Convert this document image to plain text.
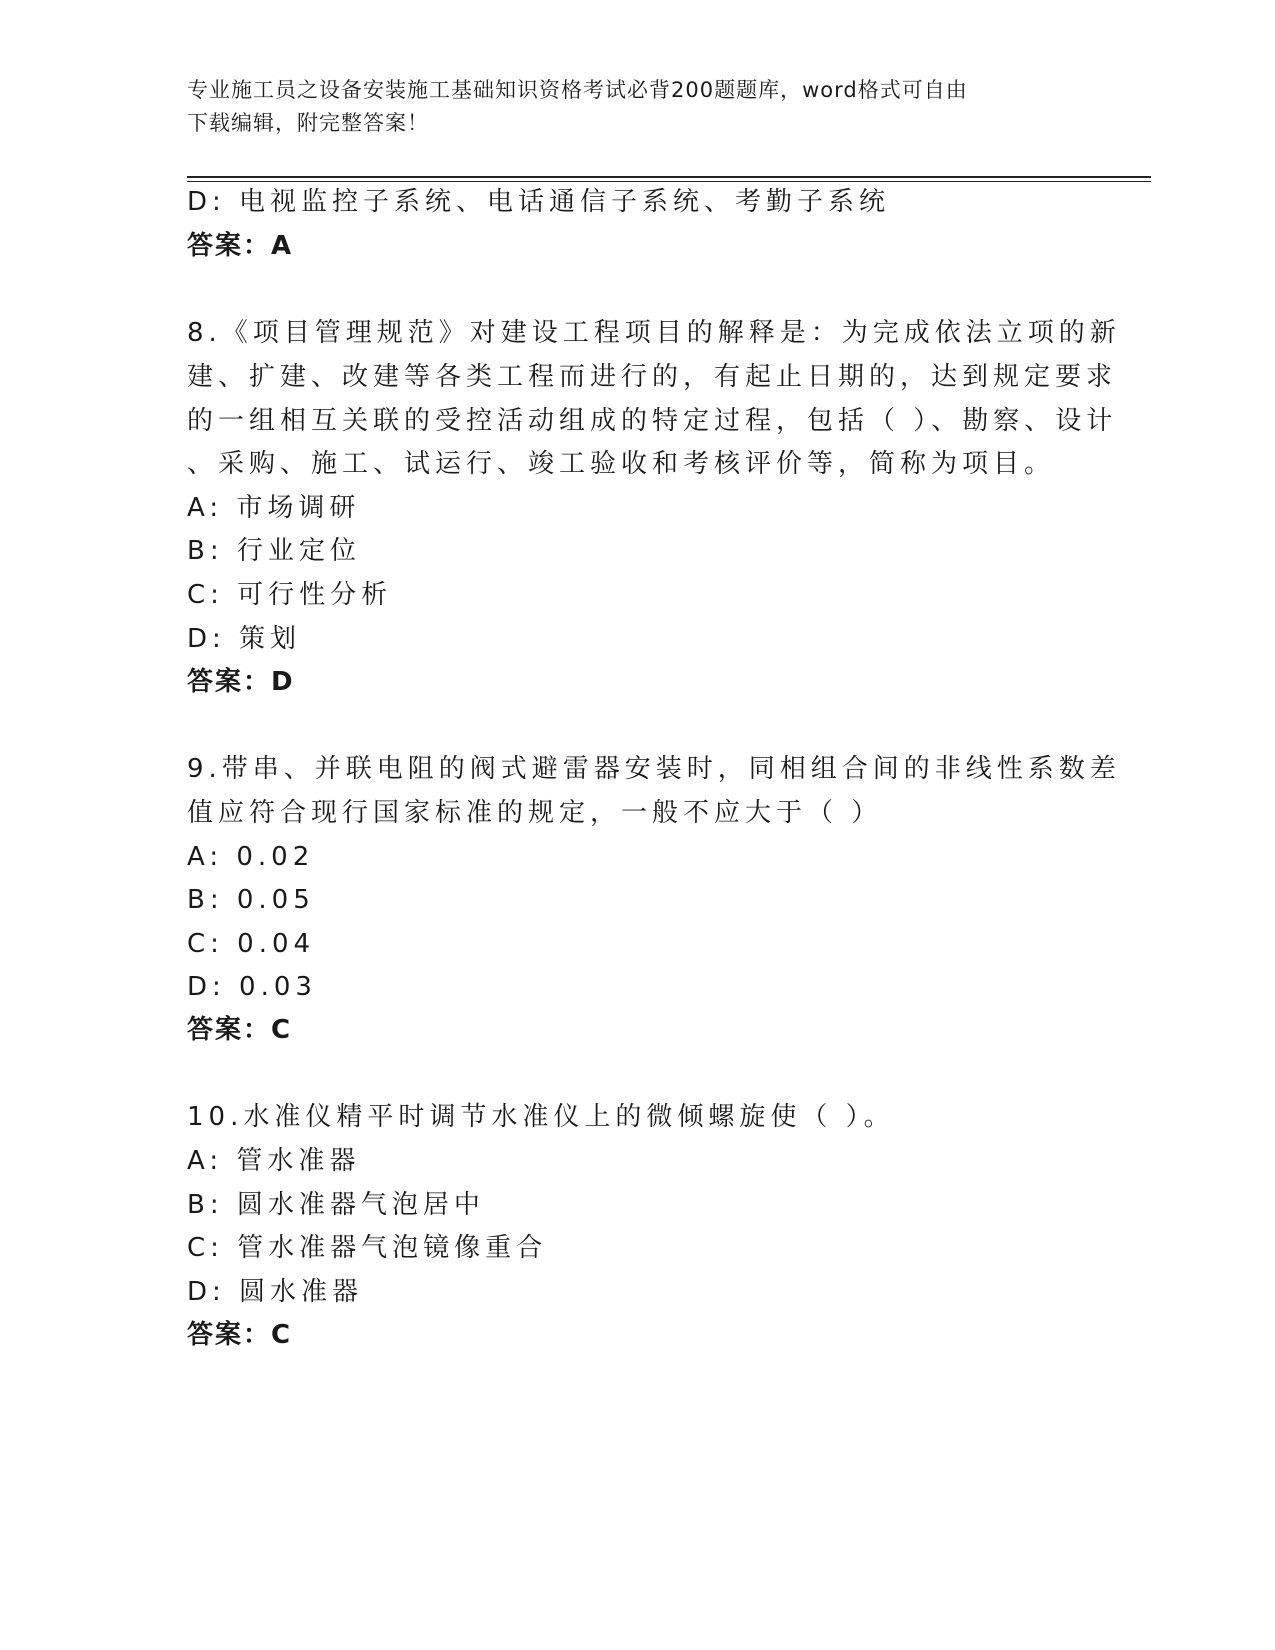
专业施工员之设备安装施工基础知识资格考试必背200题题库，word格式可自由
下载编辑，附完整答案！
D: 电视监控子系统、电话通信子系统、考勤子系统
答案：A
8.《项目管理规范》对建设工程项目的解释是：为完成依法立项的新
建、扩建、改建等各类工程而进行的，有起止日期的，达到规定要求
的一组相互关联的受控活动组成的特定过程，包括（ ）、勘察、设计
、采购、施工、试运行、竣工验收和考核评价等，简称为项目。
A: 市场调研
B: 行业定位
C: 可行性分析
D: 策划
答案：D
9.带串、并联电阻的阀式避雷器安装时，同相组合间的非线性系数差
值应符合现行国家标准的规定，一般不应大于（ ）
A: 0.02
B: 0.05
C: 0.04
D: 0.03
答案：C
10.水准仪精平时调节水准仪上的微倾螺旋使（ ）。
A: 管水准器
B: 圆水准器气泡居中
C: 管水准器气泡镜像重合
D: 圆水准器
答案：C
